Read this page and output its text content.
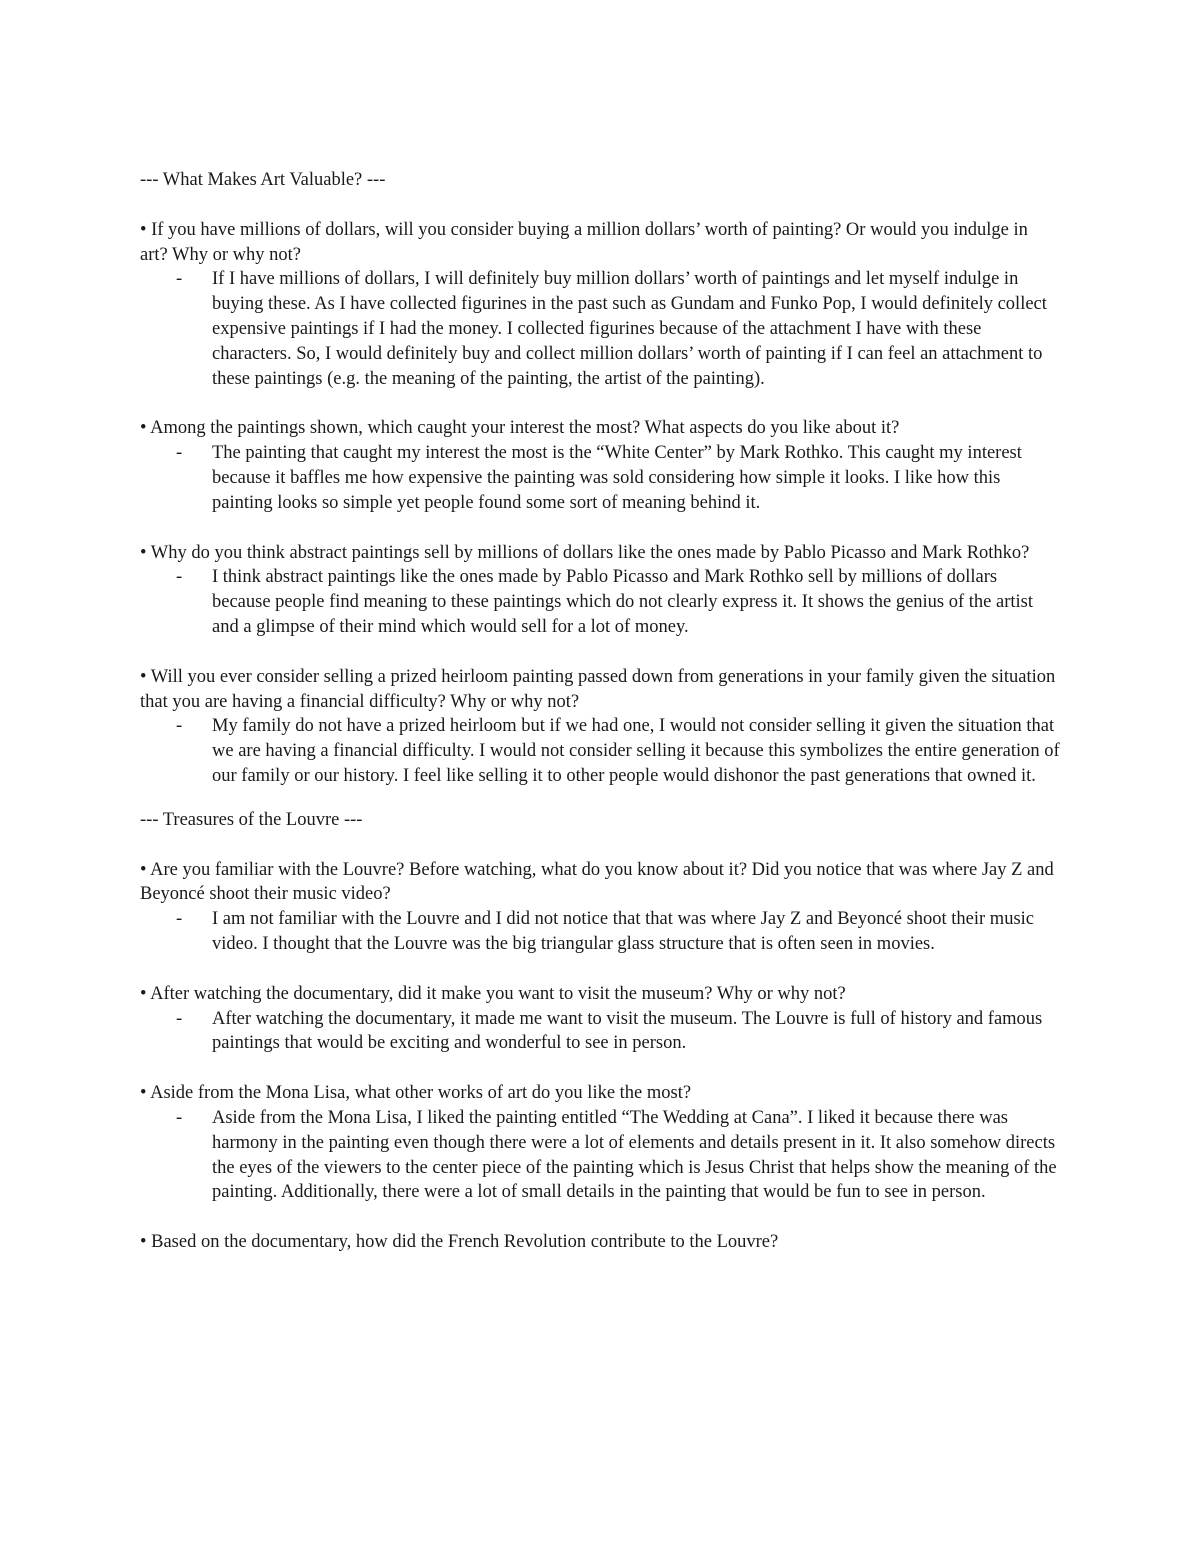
--- What Makes Art Valuable? ---

• If you have millions of dollars, will you consider buying a million dollars’ worth of painting? Or would you indulge in art? Why or why not?

- If I have millions of dollars, I will definitely buy million dollars’ worth of paintings and let myself indulge in buying these. As I have collected figurines in the past such as Gundam and Funko Pop, I would definitely collect expensive paintings if I had the money. I collected figurines because of the attachment I have with these characters. So, I would definitely buy and collect million dollars’ worth of painting if I can feel an attachment to these paintings (e.g. the meaning of the painting, the artist of the painting).

• Among the paintings shown, which caught your interest the most? What aspects do you like about it?

- The painting that caught my interest the most is the “White Center” by Mark Rothko. This caught my interest because it baffles me how expensive the painting was sold considering how simple it looks. I like how this painting looks so simple yet people found some sort of meaning behind it.

• Why do you think abstract paintings sell by millions of dollars like the ones made by Pablo Picasso and Mark Rothko?

- I think abstract paintings like the ones made by Pablo Picasso and Mark Rothko sell by millions of dollars because people find meaning to these paintings which do not clearly express it. It shows the genius of the artist and a glimpse of their mind which would sell for a lot of money.

• Will you ever consider selling a prized heirloom painting passed down from generations in your family given the situation that you are having a financial difficulty? Why or why not?

- My family do not have a prized heirloom but if we had one, I would not consider selling it given the situation that we are having a financial difficulty. I would not consider selling it because this symbolizes the entire generation of our family or our history. I feel like selling it to other people would dishonor the past generations that owned it.

--- Treasures of the Louvre ---

• Are you familiar with the Louvre? Before watching, what do you know about it? Did you notice that was where Jay Z and Beyoncé shoot their music video?

- I am not familiar with the Louvre and I did not notice that that was where Jay Z and Beyoncé shoot their music video. I thought that the Louvre was the big triangular glass structure that is often seen in movies.

• After watching the documentary, did it make you want to visit the museum? Why or why not?

- After watching the documentary, it made me want to visit the museum. The Louvre is full of history and famous paintings that would be exciting and wonderful to see in person.

• Aside from the Mona Lisa, what other works of art do you like the most?

- Aside from the Mona Lisa, I liked the painting entitled “The Wedding at Cana”. I liked it because there was harmony in the painting even though there were a lot of elements and details present in it. It also somehow directs the eyes of the viewers to the center piece of the painting which is Jesus Christ that helps show the meaning of the painting. Additionally, there were a lot of small details in the painting that would be fun to see in person.

• Based on the documentary, how did the French Revolution contribute to the Louvre?
